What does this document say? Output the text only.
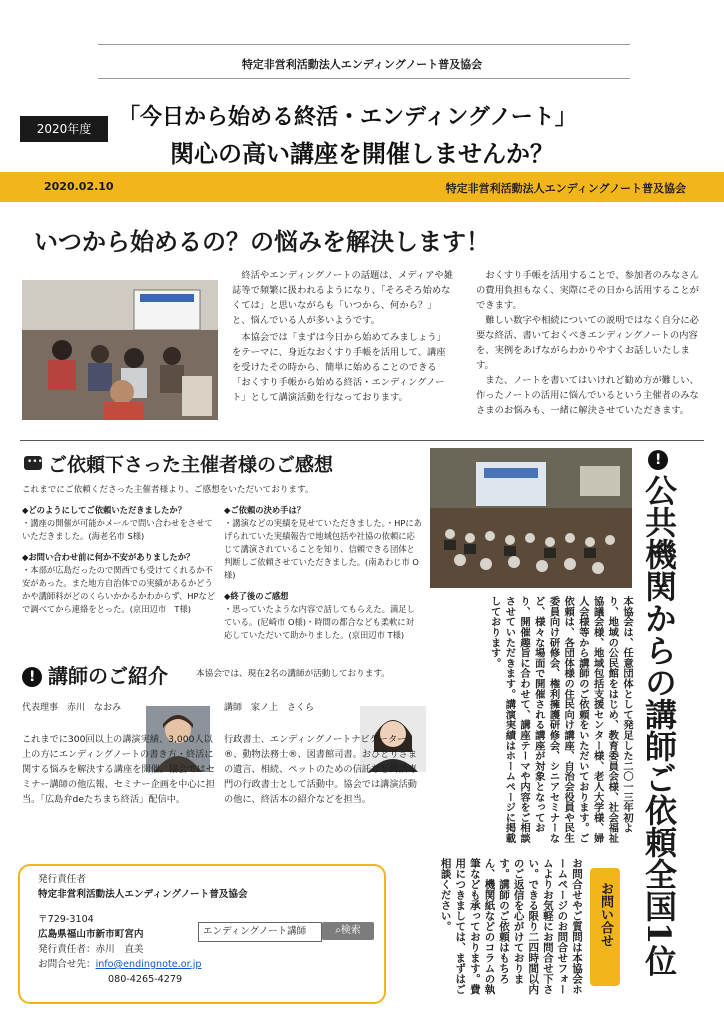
特定非営利活動法人エンディングノート普及協会
2020年度	「今日から始める終活・エンディングノート」
関心の高い講座を開催しませんか？
2020.02.10	特定非営利活動法人エンディングノート普及協会
いつから始めるの？の悩みを解決します！

　終活やエンディングノートの話題は、メディアや雑誌等で頻繁に扱われるようになり、「そろそろ始めなくては」と思いながらも「いつから、何から？」と、悩んでいる人が多いようです。

　本協会では「まずは今日から始めてみましょう」をテーマに、身近なおくすり手帳を活用して、講座を受けたその時から、簡単に始めることのできる「おくすり手帳から始める終活・エンディングノート」として講演活動を行なっております。

　おくすり手帳を活用することで、参加者のみなさんの費用負担もなく、実際にその日から活用することができます。

　難しい数字や相続についての説明ではなく自分に必要な終活、書いておくべきエンディングノートの内容を、実例をあげながらわかりやすくお話しいたします。

　また、ノートを書いてはいけれど勧め方が難しい、作ったノートの活用に悩んでいるという主催者のみなさまのお悩みも、一緒に解決させていただきます。

••• ご依頼下さった主催者様のご感想
これまでにご依頼くださった主催者様より、ご感想をいただいております。
◆どのようにしてご依頼いただきましたか？
・講座の開催が可能かメールで問い合わせをさせていただきました。(海老名市 S様)
◆お問い合わせ前に何か不安がありましたか？
・本部が広島だったので関西でも受けてくれるか不安があった。また地方自治体での実績があるかどうかや講師料がどのくらいかかるかわからず、HPなどで調べてから連絡をとった。(京田辺市　T様)
◆ご依頼の決め手は？
・講演などの実績を見せていただきました。・HPにあげられていた実績報告で地域包括や社協の依頼に応じて講演されていることを知り、信頼できる団体と判断しご依頼させていただきました。(南あわじ市 O様)
◆終了後のご感想
・思っていたような内容で話してもらえた。満足している。(尼崎市 O様)・時間の都合なども柔軟に対応していただいて助かりました。(京田辺市 T様)
!
公共機関からの講師ご依頼全国1位
本協会は、任意団体として発足した二〇一三年初より、地域の公民館をはじめ、教育委員会様、社会福祉協議会様、地域包括支援センター様、老人大学様、婦人会様等から講師のご依頼をいただいております。ご依頼は、各団体様の住民向け講座、自治会役員や民生委員向け研修会、権利擁護研修会、シニアセミナーなど、様々な場面で開催される講座が対象となっており、開催趣旨に合わせて、講座テーマや内容をご相談させていただきます。講演実績はホームページに掲載しております。
! 講師のご紹介	本協会では、現在2名の講師が活動しております。
代表理事　赤川　なおみ
これまでに300回以上の講演実績、3,000人以上の方にエンディングノートの書き方・終活に関する悩みを解決する講座を開催。協会ではセミナー講師の他広報、セミナー企画を中心に担当。「広島弁deたちまち終活」配信中。
講師　家ノ上　さくら
行政書士、エンディングノートナビゲーター®、動物法務士®、図書館司書。おひとりさまの遺言、相続、ペットのための信託など終活専門の行政書士として活動中。協会では講演活動の他に、終活本の紹介などを担当。
発行責任者
特定非営利活動法人エンディングノート普及協会
〒729-3104
広島県福山市新市町宮内
発行責任者：赤川　直美
お問合せ先：info@endingnote.or.jp
080-4265-4279
エンディングノート講師	⌕検索	お問い合せ
お問合せやご質問は本協会ホームページのお問合せフォームよりお気軽にお問合せ下さい。できる限り二四時間以内のご返信を心がけております。講師のご依頼はもちろん、機関紙などのコラムの執筆なども承っております。費用につきましては、まずはご相談ください。
